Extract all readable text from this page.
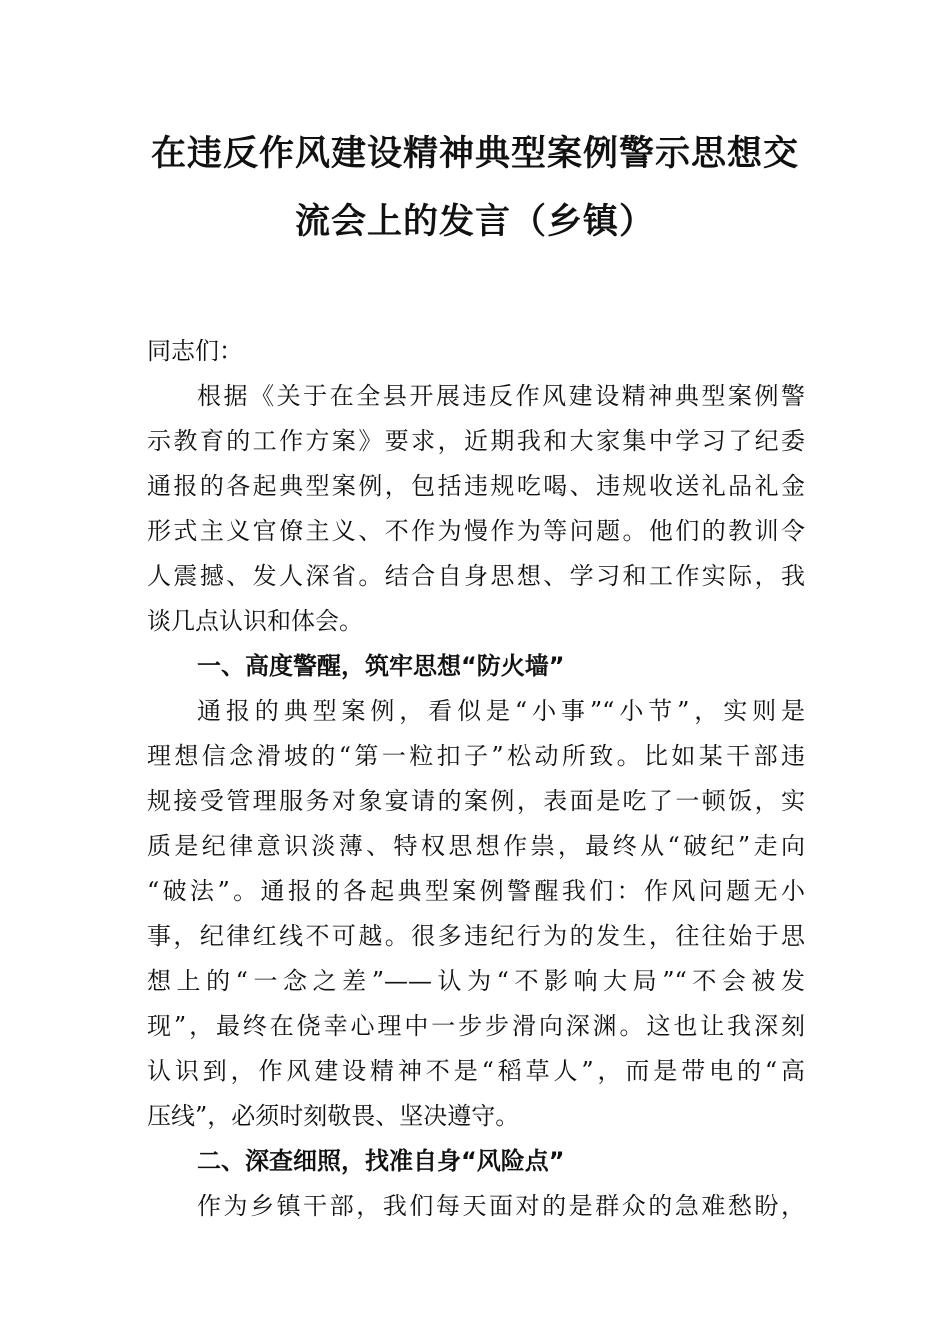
在违反作风建设精神典型案例警示思想交
流会上的发言（乡镇）
同志们：
根据《关于在全县开展违反作风建设精神典型案例警
示教育的工作方案》要求，近期我和大家集中学习了纪委
通报的各起典型案例，包括违规吃喝、违规收送礼品礼金
形式主义官僚主义、不作为慢作为等问题。他们的教训令
人震撼、发人深省。结合自身思想、学习和工作实际，我
谈几点认识和体会。
一、高度警醒，筑牢思想“防火墙”
通报的典型案例，看似是“小事”“小节”，实则是
理想信念滑坡的“第一粒扣子”松动所致。比如某干部违
规接受管理服务对象宴请的案例，表面是吃了一顿饭，实
质是纪律意识淡薄、特权思想作祟，最终从“破纪”走向
“破法”。通报的各起典型案例警醒我们：作风问题无小
事，纪律红线不可越。很多违纪行为的发生，往往始于思
想上的“一念之差”——认为“不影响大局”“不会被发
现”，最终在侥幸心理中一步步滑向深渊。这也让我深刻
认识到，作风建设精神不是“稻草人”，而是带电的“高
压线”，必须时刻敬畏、坚决遵守。
二、深查细照，找准自身“风险点”
作为乡镇干部，我们每天面对的是群众的急难愁盼，
